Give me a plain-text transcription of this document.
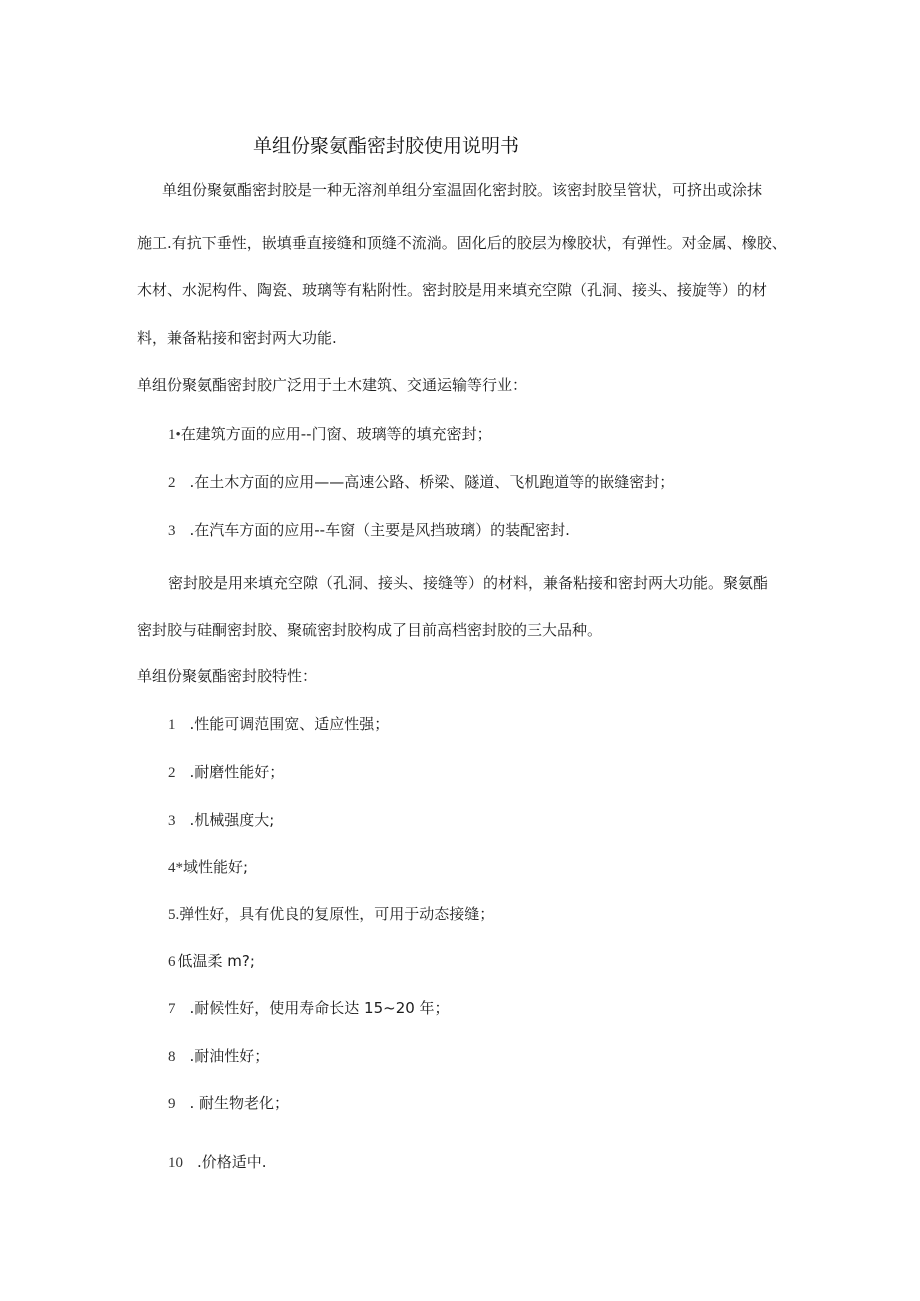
单组份聚氨酯密封胶使用说明书
单组份聚氨酯密封胶是一种无溶剂单组分室温固化密封胶。该密封胶呈管状，可挤出或涂抹
施工.有抗下垂性，嵌填垂直接缝和顶缝不流淌。固化后的胶层为橡胶状，有弹性。对金属、橡胶、
木材、水泥构件、陶瓷、玻璃等有粘附性。密封胶是用来填充空隙（孔洞、接头、接旋等）的材
料，兼备粘接和密封两大功能.
单组份聚氨酯密封胶广泛用于土木建筑、交通运输等行业：
1•在建筑方面的应用--门窗、玻璃等的填充密封；
2 .在土木方面的应用——高速公路、桥梁、隧道、飞机跑道等的嵌缝密封；
3 .在汽车方面的应用--车窗（主要是风挡玻璃）的装配密封.
密封胶是用来填充空隙（孔洞、接头、接缝等）的材料，兼备粘接和密封两大功能。聚氨酯
密封胶与硅酮密封胶、聚硫密封胶构成了目前高档密封胶的三大品种。
单组份聚氨酯密封胶特性：
1 .性能可调范围宽、适应性强；
2 .耐磨性能好；
3 .机械强度大;
4*域性能好;
5.弹性好，具有优良的复原性，可用于动态接缝；
6 低温柔 m?;
7 .耐候性好，使用寿命长达 15~20 年；
8 .耐油性好；
9 . 耐生物老化；
10 .价格适中.
